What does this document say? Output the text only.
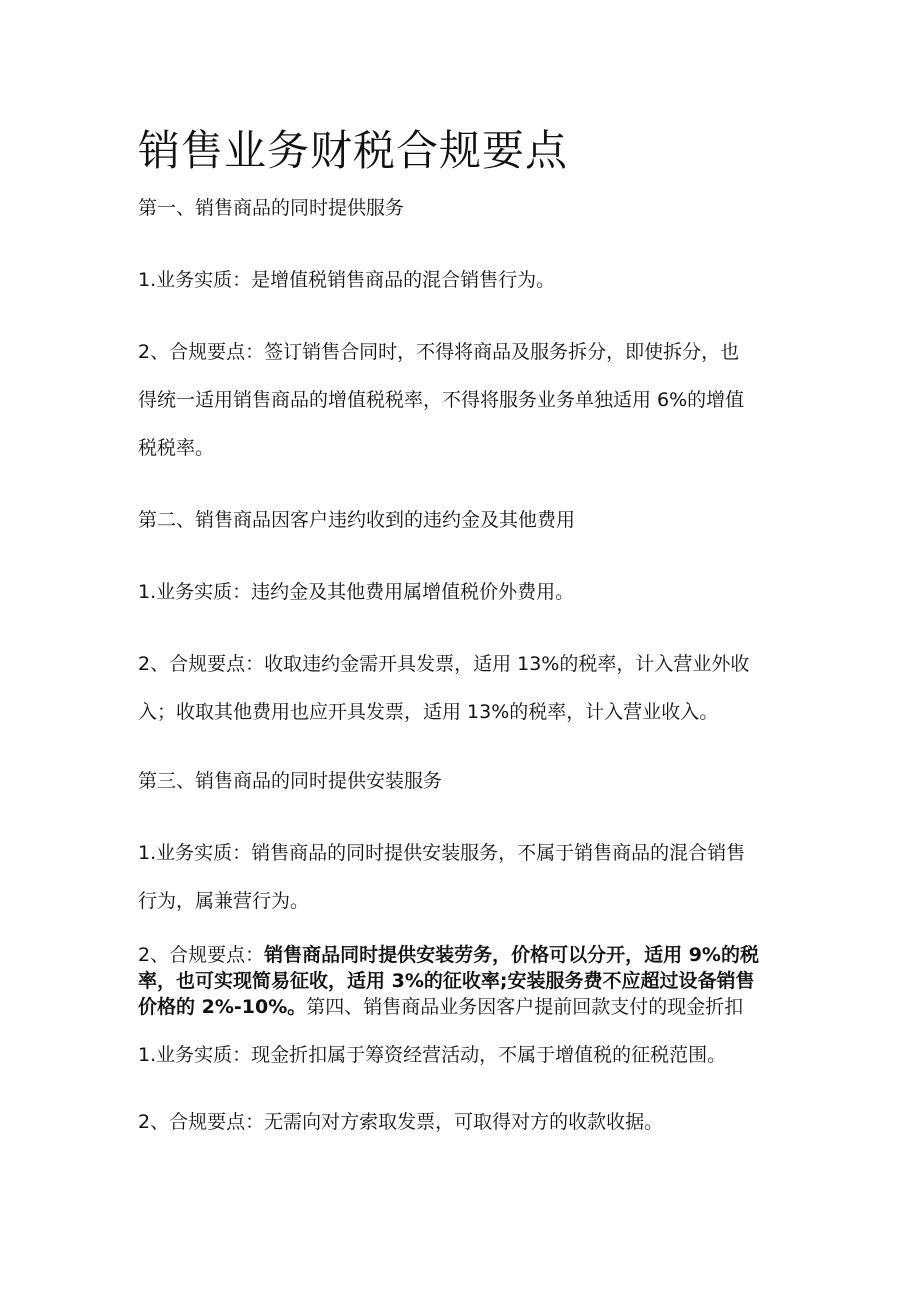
销售业务财税合规要点

第一、销售商品的同时提供服务

1.业务实质：是增值税销售商品的混合销售行为。

2、合规要点：签订销售合同时，不得将商品及服务拆分，即使拆分，也
得统一适用销售商品的增值税税率，不得将服务业务单独适用 6%的增值
税税率。

第二、销售商品因客户违约收到的违约金及其他费用

1.业务实质：违约金及其他费用属增值税价外费用。

2、合规要点：收取违约金需开具发票，适用 13%的税率，计入营业外收
入；收取其他费用也应开具发票，适用 13%的税率，计入营业收入。

第三、销售商品的同时提供安装服务

1.业务实质：销售商品的同时提供安装服务，不属于销售商品的混合销售
行为，属兼营行为。
2、合规要点：销售商品同时提供安装劳务，价格可以分开，适用 9%的税
率，也可实现简易征收，适用 3%的征收率;安装服务费不应超过设备销售
价格的 2%-10%。第四、销售商品业务因客户提前回款支付的现金折扣

1.业务实质：现金折扣属于筹资经营活动，不属于增值税的征税范围。

2、合规要点：无需向对方索取发票，可取得对方的收款收据。
